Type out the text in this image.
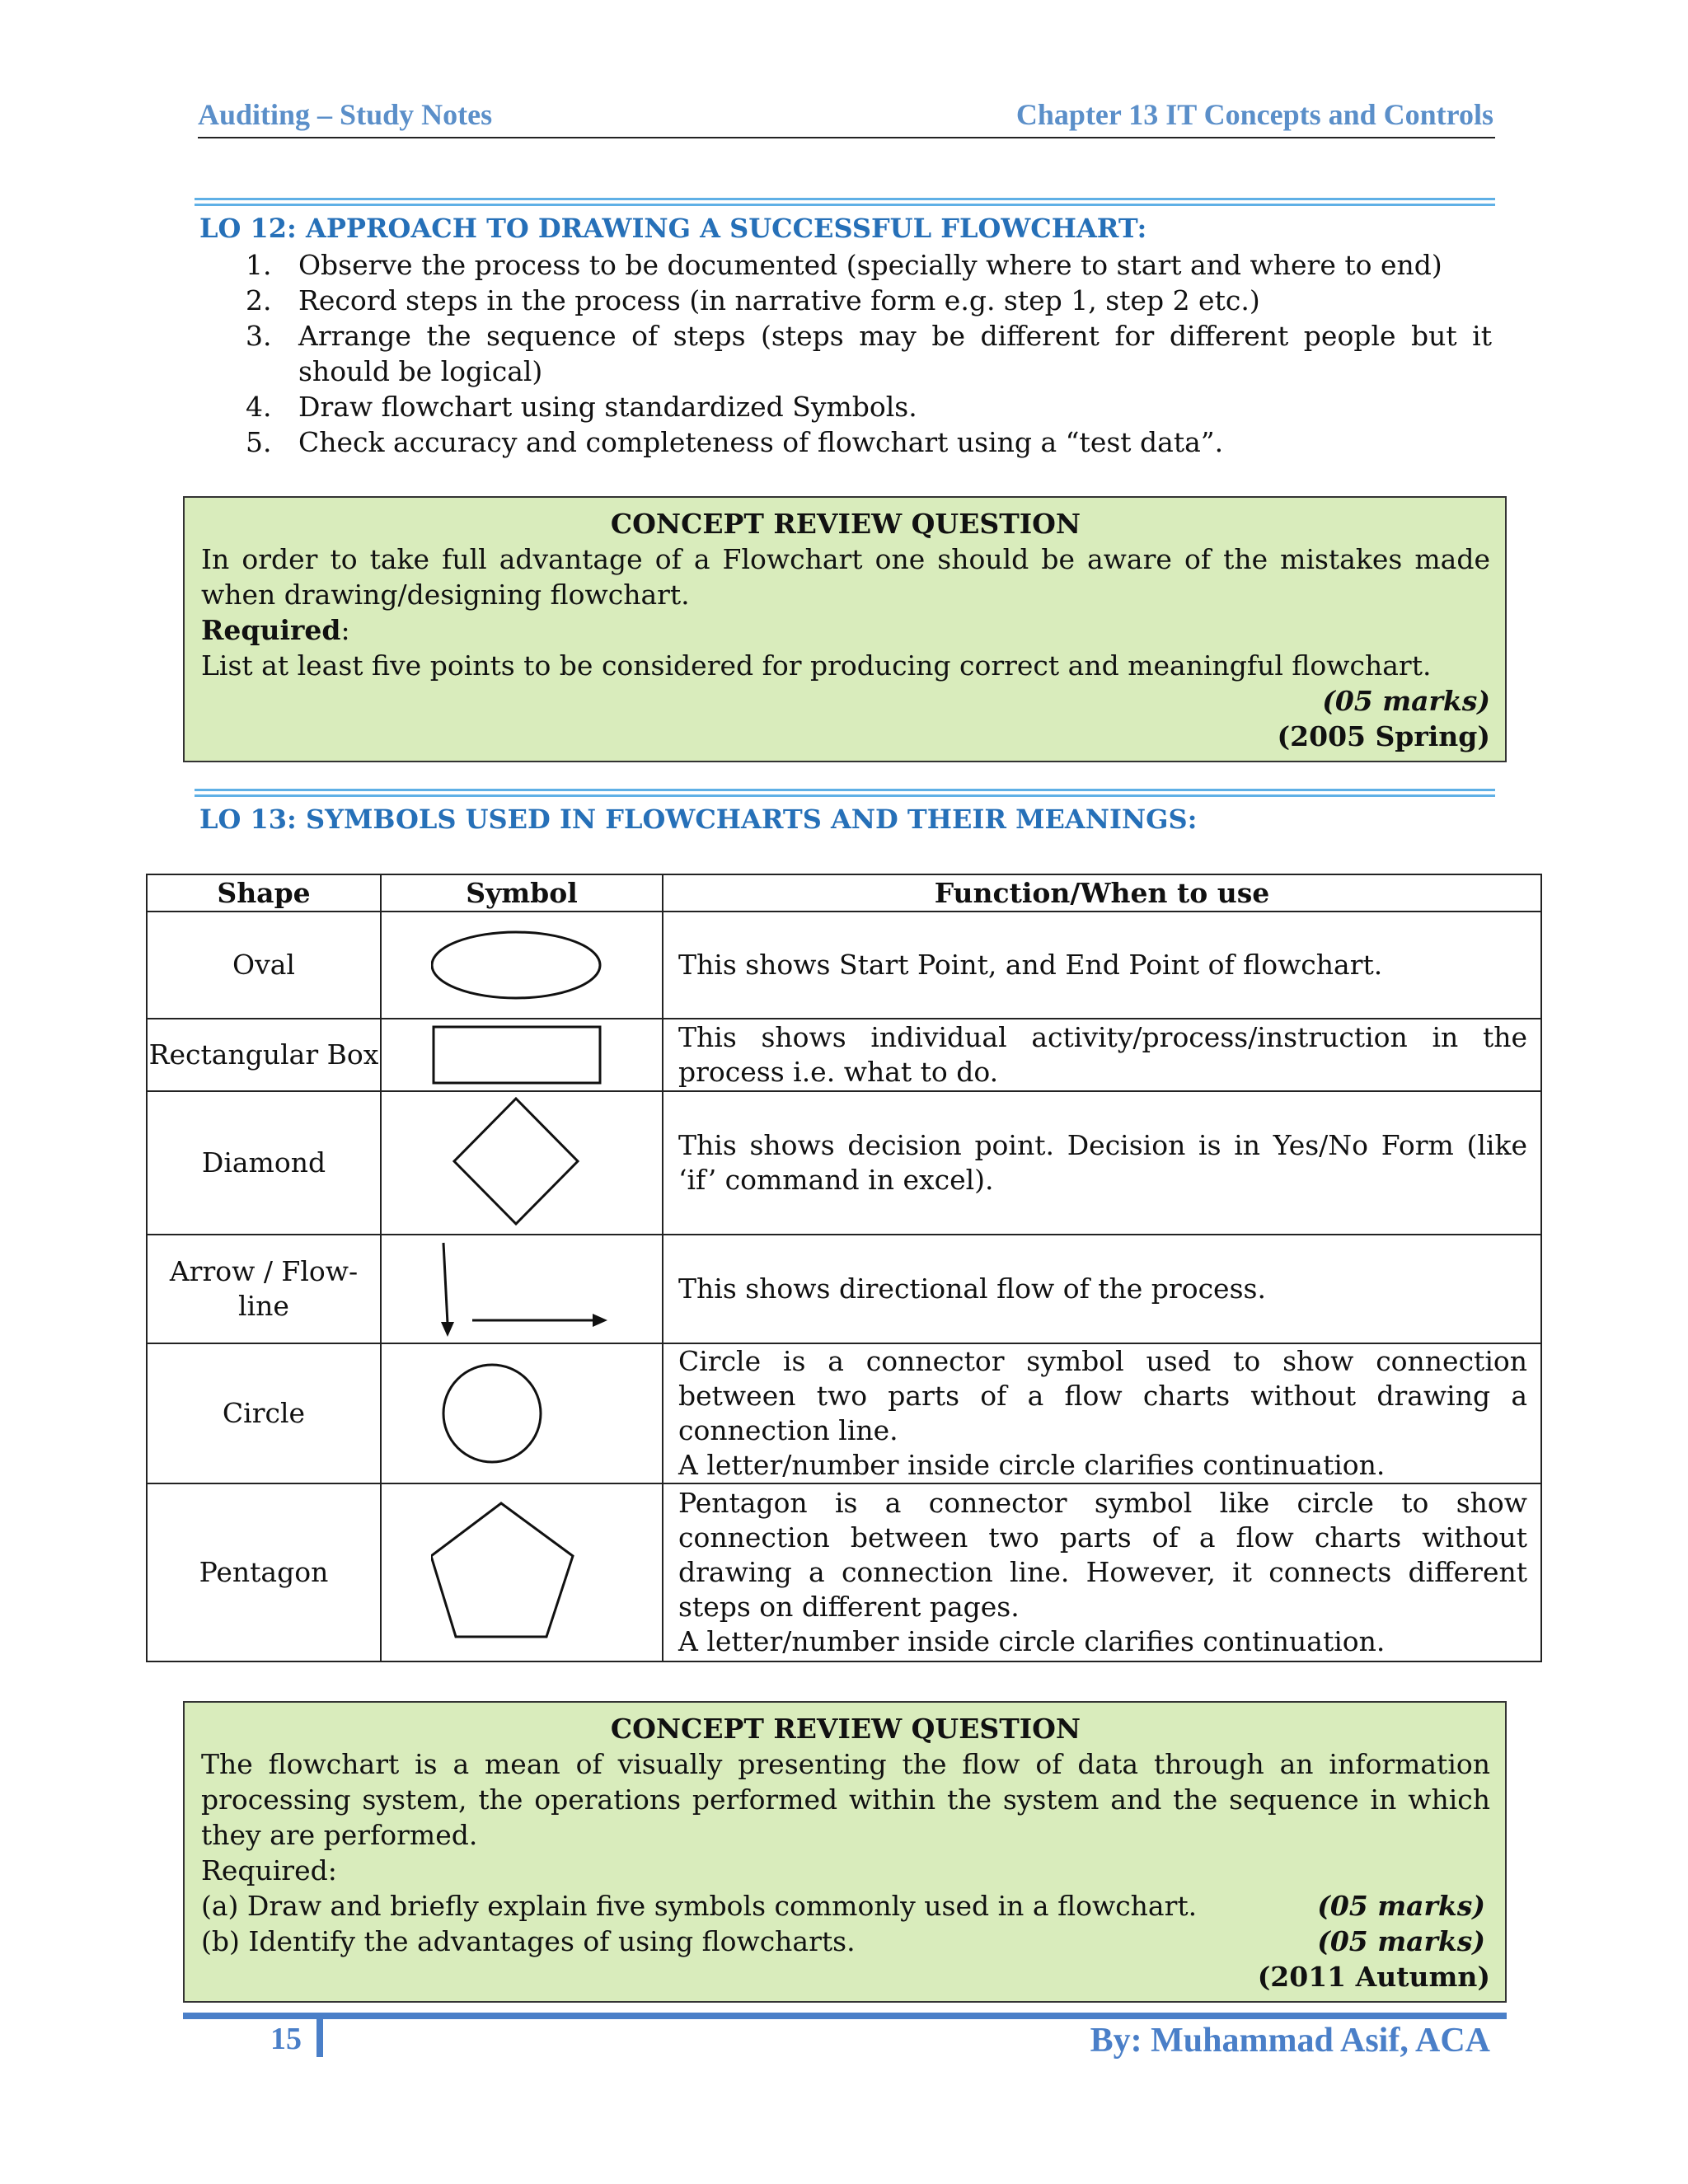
Auditing – Study Notes	Chapter 13 IT Concepts and Controls
LO 12: APPROACH TO DRAWING A SUCCESSFUL FLOWCHART:
1. Observe the process to be documented (specially where to start and where to end)
2. Record steps in the process (in narrative form e.g. step 1, step 2 etc.)
3. Arrange the sequence of steps (steps may be different for different people but it should be logical)
4. Draw flowchart using standardized Symbols.
5. Check accuracy and completeness of flowchart using a “test data”.
CONCEPT REVIEW QUESTION
In order to take full advantage of a Flowchart one should be aware of the mistakes made when drawing/designing flowchart.
Required:
List at least five points to be considered for producing correct and meaningful flowchart.
(05 marks)
(2005 Spring)
LO 13: SYMBOLS USED IN FLOWCHARTS AND THEIR MEANINGS:
Shape	Symbol	Function/When to use
Oval		This shows Start Point, and End Point of flowchart.

Rectangular Box		This shows individual activity/process/instruction in the process i.e. what to do.

Diamond		This shows decision point. Decision is in Yes/No Form (like ‘if’ command in excel).

Arrow / Flow-line		This shows directional flow of the process.

Circle		Circle is a connector symbol used to show connection between two parts of a flow charts without drawing a connection line.
A letter/number inside circle clarifies continuation.

Pentagon		Pentagon is a connector symbol like circle to show connection between two parts of a flow charts without drawing a connection line. However, it connects different steps on different pages.
A letter/number inside circle clarifies continuation.
CONCEPT REVIEW QUESTION
The flowchart is a mean of visually presenting the flow of data through an information processing system, the operations performed within the system and the sequence in which they are performed.
Required:
(a) Draw and briefly explain five symbols commonly used in a flowchart.	(05 marks)
(b) Identify the advantages of using flowcharts.	(05 marks)
(2011 Autumn)
15	By: Muhammad Asif, ACA
